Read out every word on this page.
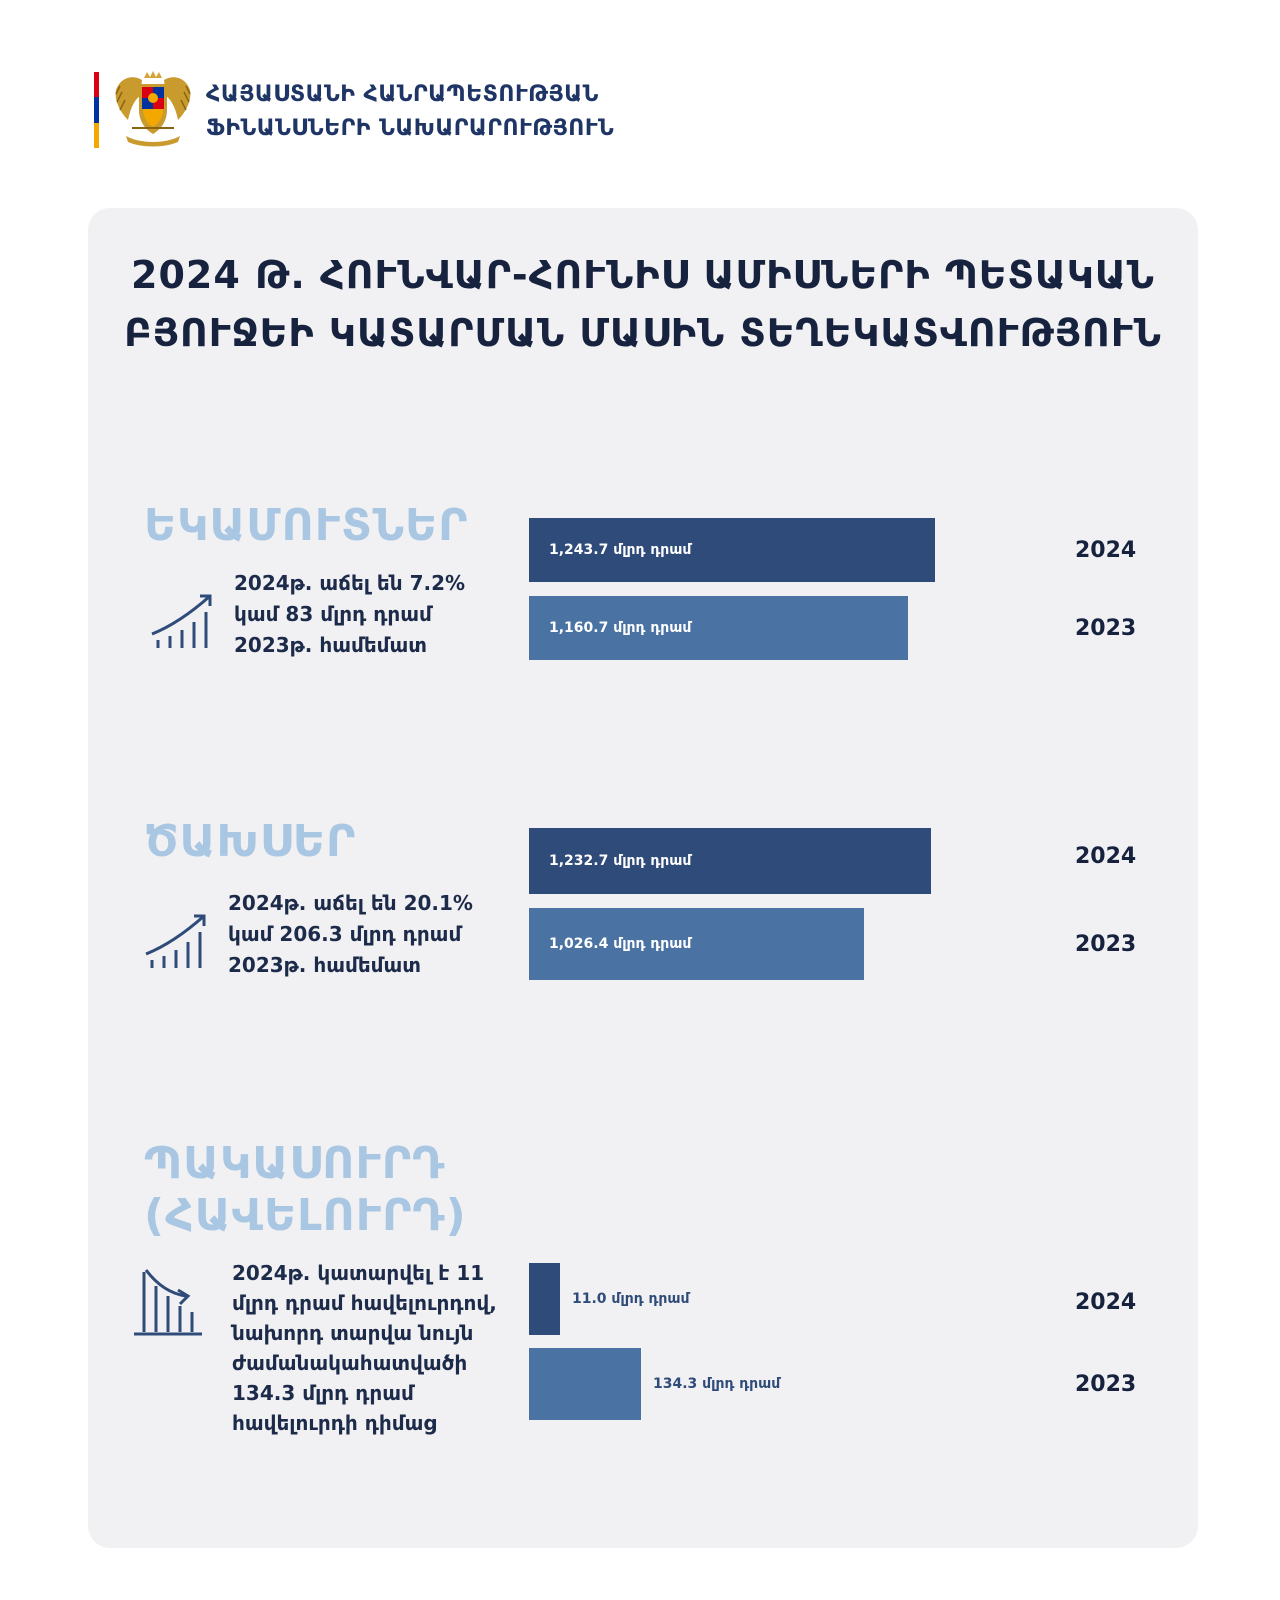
ՀԱՅԱՍՏԱՆԻ ՀԱՆՐԱՊԵՏՈՒԹՅԱՆ
ՖԻՆԱՆՍՆԵՐԻ ՆԱԽԱՐԱՐՈՒԹՅՈՒՆ
2024 Թ. ՀՈՒՆՎԱՐ-ՀՈՒՆԻՍ ԱՄԻՍՆԵՐԻ ՊԵՏԱԿԱՆ
ԲՅՈՒՋԵԻ ԿԱՏԱՐՄԱՆ ՄԱՍԻՆ ՏԵՂԵԿԱՏՎՈՒԹՅՈՒՆ
ԵԿԱՄՈՒՏՆԵՐ
2024թ. աճել են 7.2%
կամ 83 մլրդ դրամ
2023թ. համեմատ
1,243.7 մլրդ դրամ	2024
1,160.7 մլրդ դրամ	2023
ԾԱԽՍԵՐ
2024թ. աճել են 20.1%
կամ 206.3 մլրդ դրամ
2023թ. համեմատ
1,232.7 մլրդ դրամ	2024
1,026.4 մլրդ դրամ	2023
ՊԱԿԱՍՈՒՐԴ
(ՀԱՎԵԼՈՒՐԴ)
2024թ. կատարվել է 11
մլրդ դրամ հավելուրդով,
նախորդ տարվա նույն
ժամանակահատվածի
134.3 մլրդ դրամ
հավելուրդի դիմաց
11.0 մլրդ դրամ	2024
134.3 մլրդ դրամ	2023
